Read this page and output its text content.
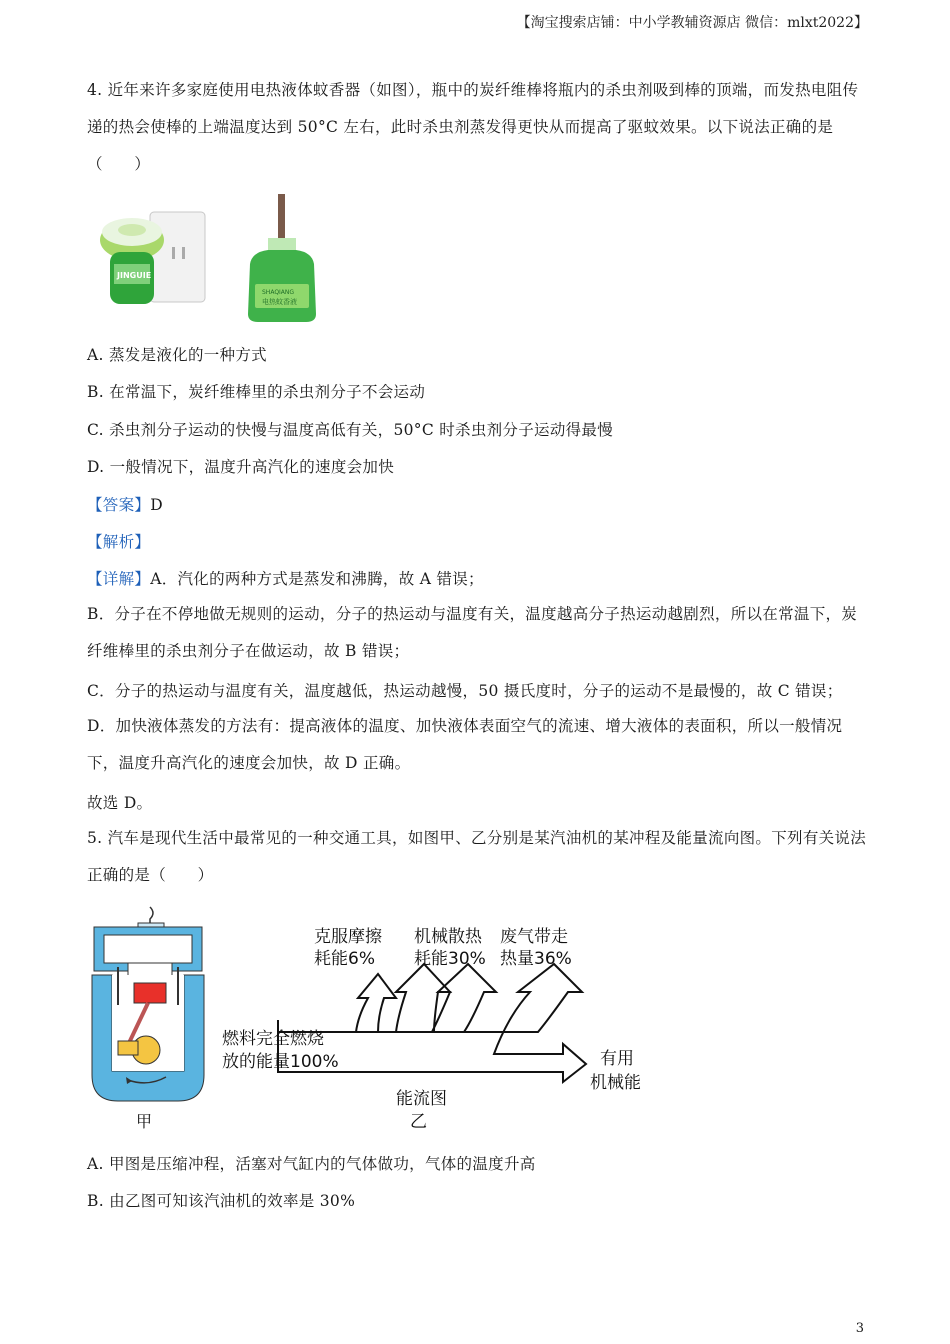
【淘宝搜索店铺：中小学教辅资源店 微信：mlxt2022】
4. 近年来许多家庭使用电热液体蚊香器（如图），瓶中的炭纤维棒将瓶内的杀虫剂吸到棒的顶端，而发热电阻传递的热会使棒的上端温度达到 50°C 左右，此时杀虫剂蒸发得更快从而提高了驱蚊效果。以下说法正确的是（　　）
JINGUIE
SHAQIANG
电热蚊香液
A. 蒸发是液化的一种方式
B. 在常温下，炭纤维棒里的杀虫剂分子不会运动
C. 杀虫剂分子运动的快慢与温度高低有关，50°C 时杀虫剂分子运动得最慢
D. 一般情况下，温度升高汽化的速度会加快
【答案】D
【解析】
【详解】A．汽化的两种方式是蒸发和沸腾，故 A 错误；
B．分子在不停地做无规则的运动，分子的热运动与温度有关，温度越高分子热运动越剧烈，所以在常温下，炭纤维棒里的杀虫剂分子在做运动，故 B 错误；
C．分子的热运动与温度有关，温度越低，热运动越慢，50 摄氏度时，分子的运动不是最慢的，故 C 错误；
D．加快液体蒸发的方法有：提高液体的温度、加快液体表面空气的流速、增大液体的表面积，所以一般情况下，温度升高汽化的速度会加快，故 D 正确。
故选 D。
5. 汽车是现代生活中最常见的一种交通工具，如图甲、乙分别是某汽油机的某冲程及能量流向图。下列有关说法正确的是（　　）
甲
克服摩擦
耗能6%
机械散热
耗能30%
废气带走
热量36%
燃料完全燃烧
放的能量100%	有用
机械能
能流图
乙
A. 甲图是压缩冲程，活塞对气缸内的气体做功，气体的温度升高
B. 由乙图可知该汽油机的效率是 30%
3
